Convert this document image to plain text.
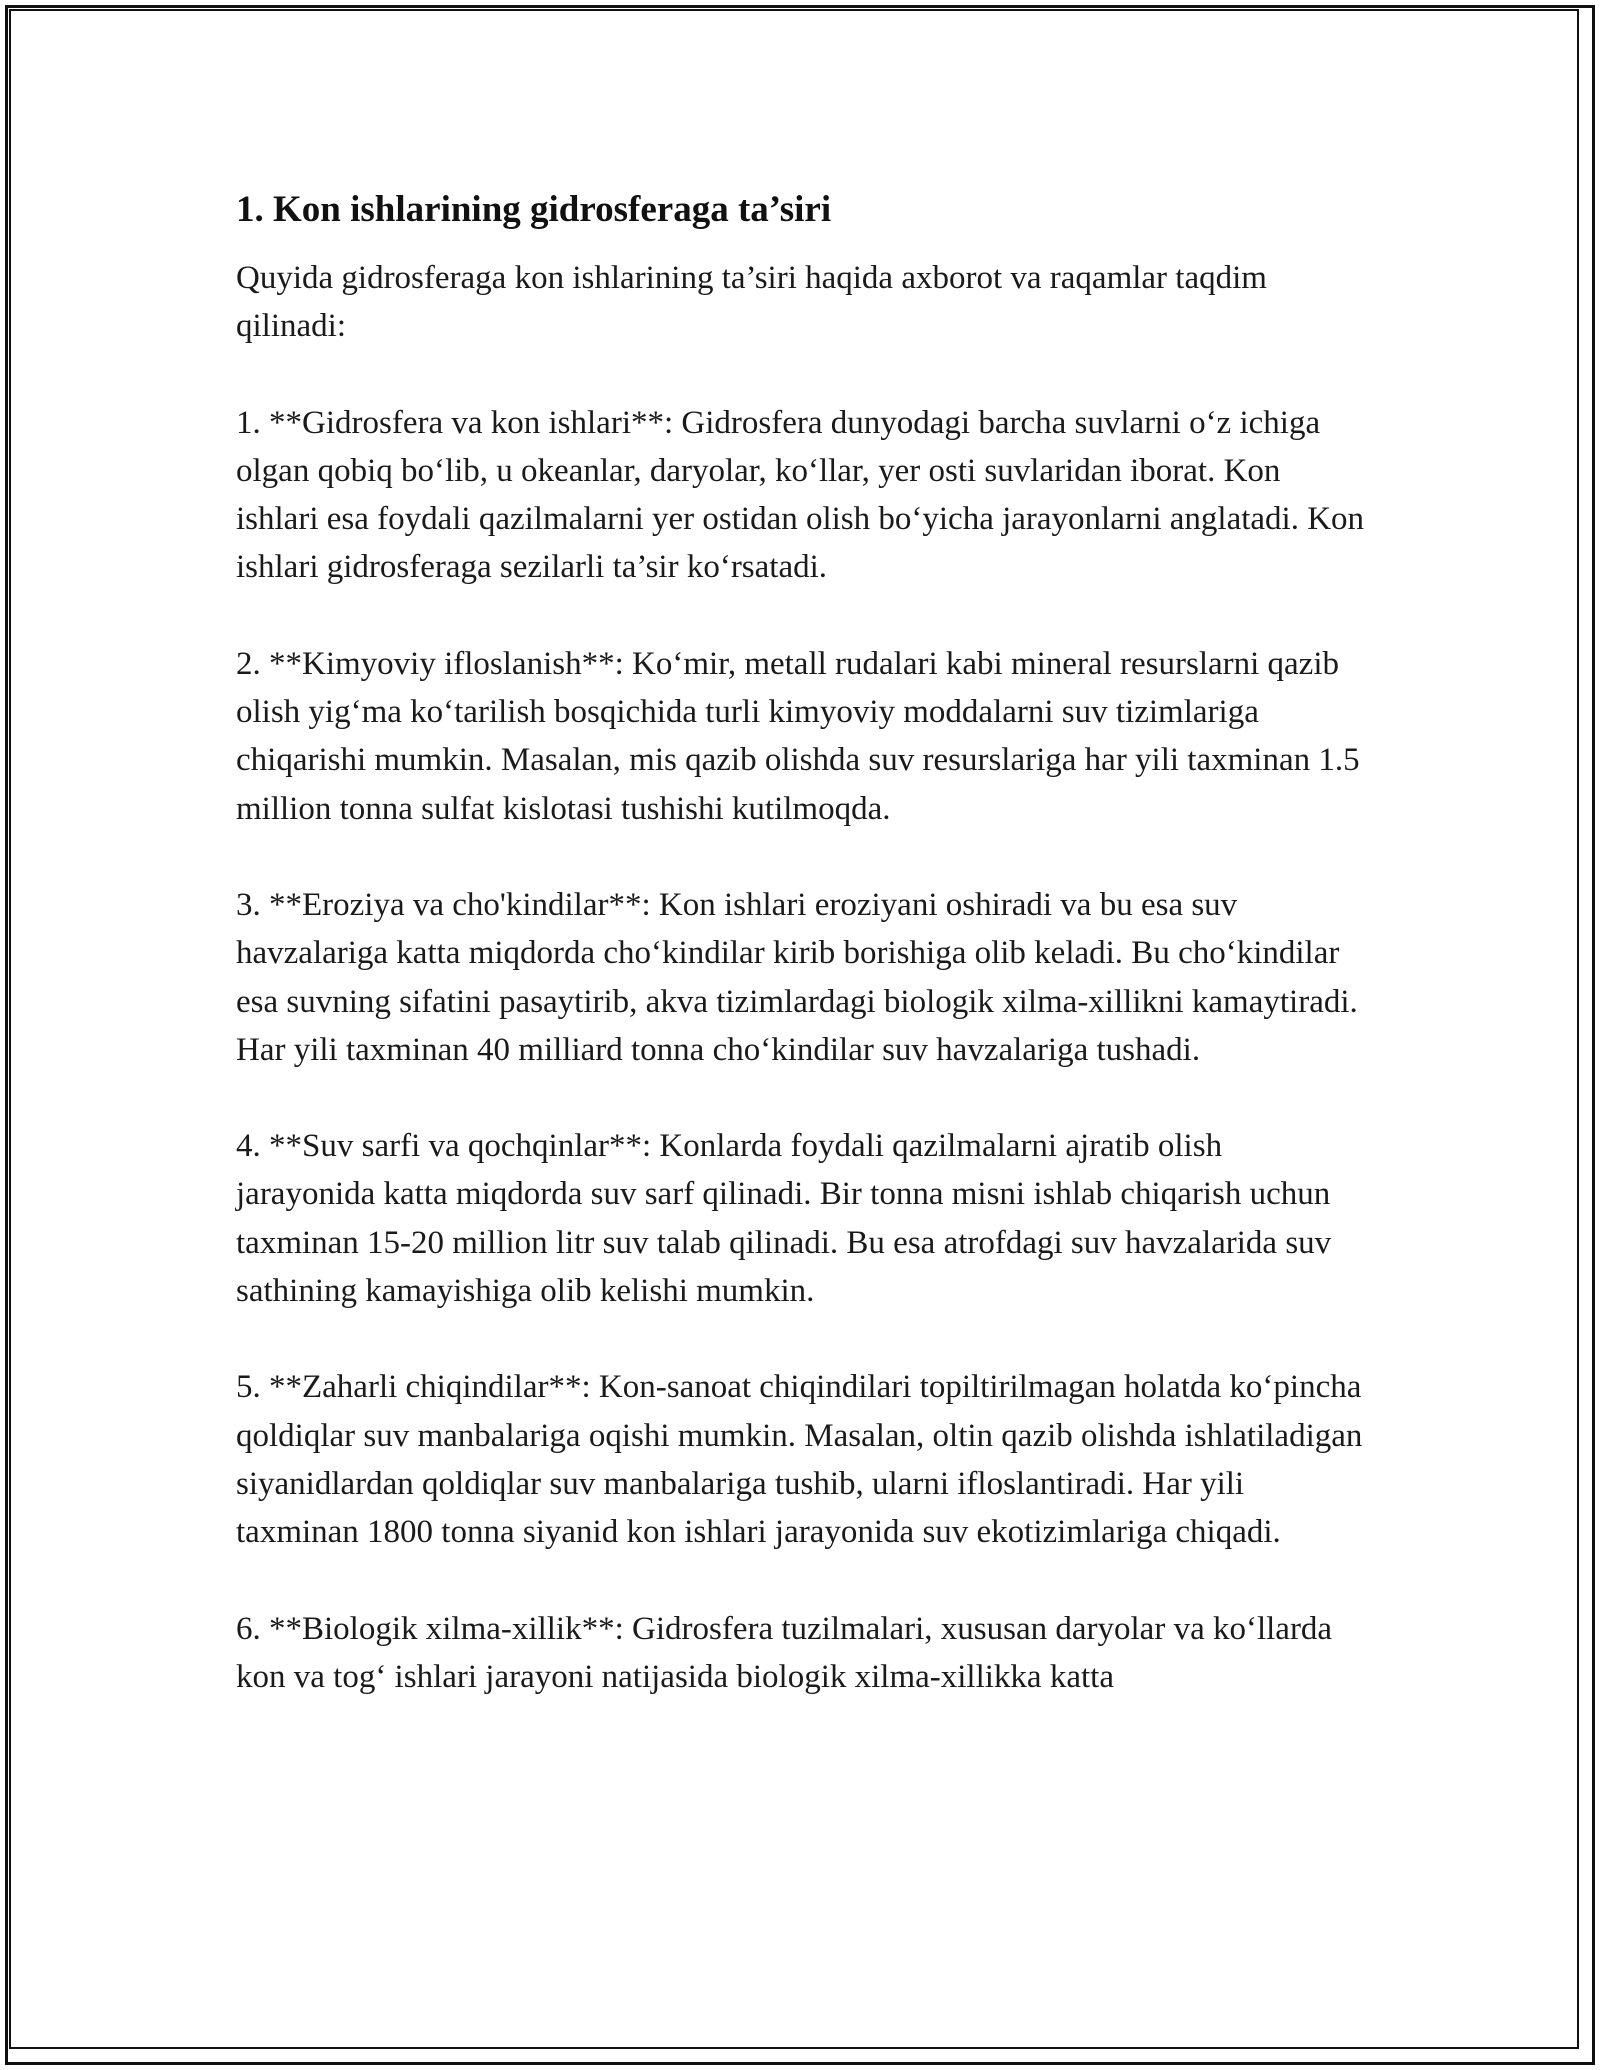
1. Kon ishlarining gidrosferaga ta’siri

Quyida gidrosferaga kon ishlarining ta’siri haqida axborot va raqamlar taqdim qilinadi:

1. **Gidrosfera va kon ishlari**: Gidrosfera dunyodagi barcha suvlarni o‘z ichiga olgan qobiq bo‘lib, u okeanlar, daryolar, ko‘llar, yer osti suvlaridan iborat. Kon ishlari esa foydali qazilmalarni yer ostidan olish bo‘yicha jarayonlarni anglatadi. Kon ishlari gidrosferaga sezilarli ta’sir ko‘rsatadi.

2. **Kimyoviy ifloslanish**: Ko‘mir, metall rudalari kabi mineral resurslarni qazib olish yig‘ma ko‘tarilish bosqichida turli kimyoviy moddalarni suv tizimlariga chiqarishi mumkin. Masalan, mis qazib olishda suv resurslariga har yili taxminan 1.5 million tonna sulfat kislotasi tushishi kutilmoqda.

3. **Eroziya va cho'kindilar**: Kon ishlari eroziyani oshiradi va bu esa suv havzalariga katta miqdorda cho‘kindilar kirib borishiga olib keladi. Bu cho‘kindilar esa suvning sifatini pasaytirib, akva tizimlardagi biologik xilma-xillikni kamaytiradi. Har yili taxminan 40 milliard tonna cho‘kindilar suv havzalariga tushadi.

4. **Suv sarfi va qochqinlar**: Konlarda foydali qazilmalarni ajratib olish jarayonida katta miqdorda suv sarf qilinadi. Bir tonna misni ishlab chiqarish uchun taxminan 15-20 million litr suv talab qilinadi. Bu esa atrofdagi suv havzalarida suv sathining kamayishiga olib kelishi mumkin.

5. **Zaharli chiqindilar**: Kon-sanoat chiqindilari topiltirilmagan holatda ko‘pincha qoldiqlar suv manbalariga oqishi mumkin. Masalan, oltin qazib olishda ishlatiladigan siyanidlardan qoldiqlar suv manbalariga tushib, ularni ifloslantiradi. Har yili taxminan 1800 tonna siyanid kon ishlari jarayonida suv ekotizimlariga chiqadi.

6. **Biologik xilma-xillik**: Gidrosfera tuzilmalari, xususan daryolar va ko‘llarda kon va tog‘ ishlari jarayoni natijasida biologik xilma-xillikka katta
